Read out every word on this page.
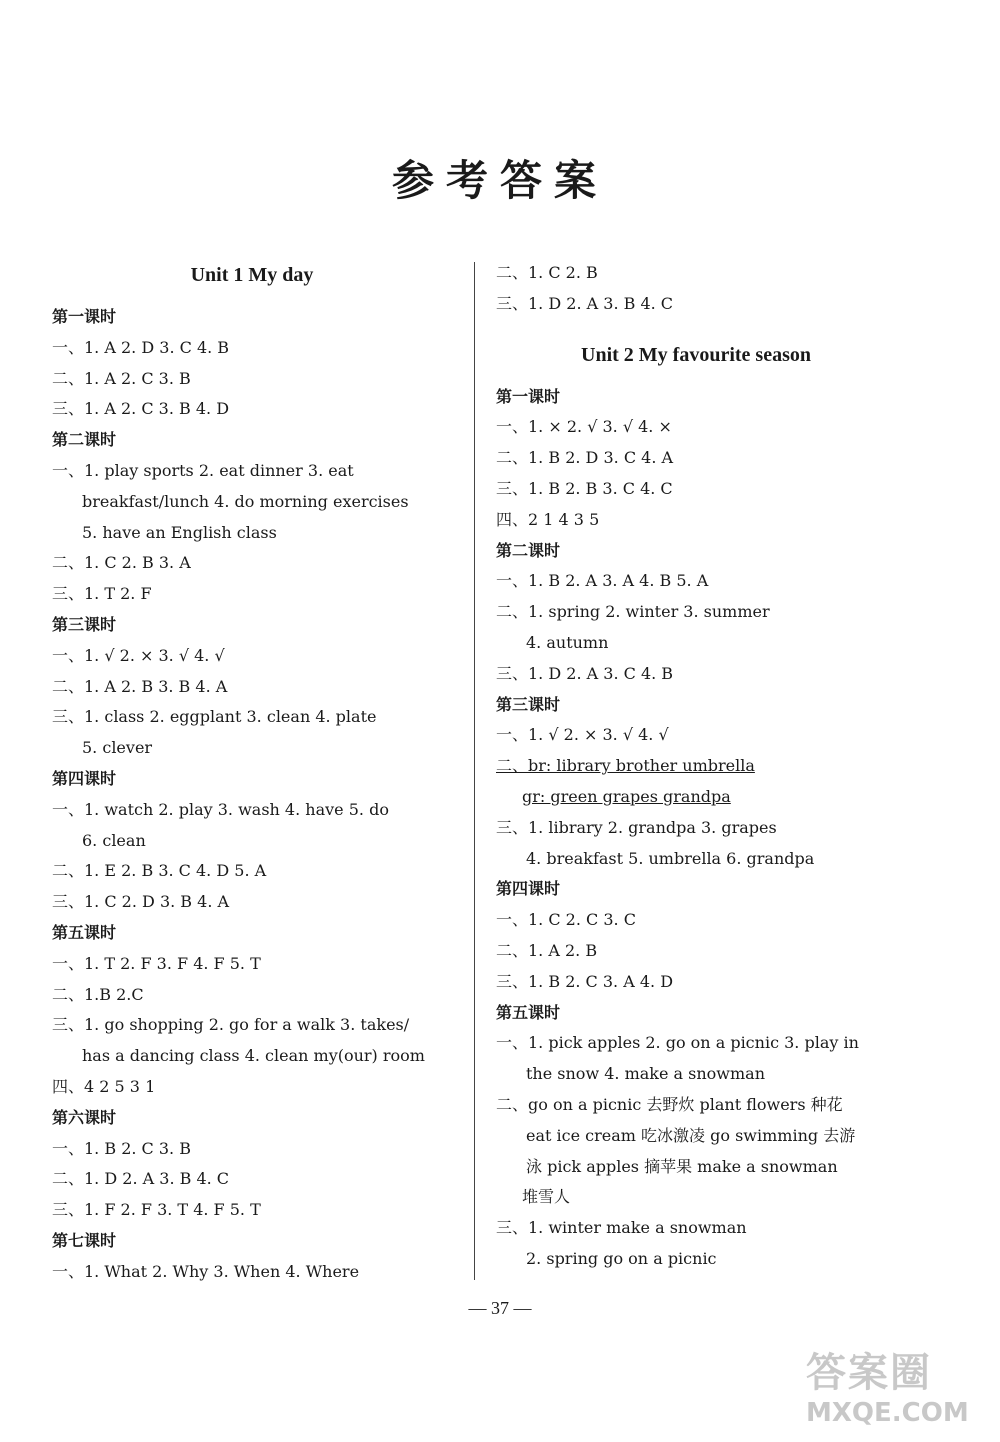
参考答案
Unit 1 My day
第一课时
一、1. A 2. D 3. C 4. B
二、1. A 2. C 3. B
三、1. A 2. C 3. B 4. D
第二课时
一、1. play sports 2. eat dinner 3. eat
breakfast/lunch 4. do morning exercises
5. have an English class
二、1. C 2. B 3. A
三、1. T 2. F
第三课时
一、1. √ 2. × 3. √ 4. √
二、1. A 2. B 3. B 4. A
三、1. class 2. eggplant 3. clean 4. plate
5. clever
第四课时
一、1. watch 2. play 3. wash 4. have 5. do
6. clean
二、1. E 2. B 3. C 4. D 5. A
三、1. C 2. D 3. B 4. A
第五课时
一、1. T 2. F 3. F 4. F 5. T
二、1.B 2.C
三、1. go shopping 2. go for a walk 3. takes/
has a dancing class 4. clean my(our) room
四、4 2 5 3 1
第六课时
一、1. B 2. C 3. B
二、1. D 2. A 3. B 4. C
三、1. F 2. F 3. T 4. F 5. T
第七课时
一、1. What 2. Why 3. When 4. Where
二、1. C 2. B
三、1. D 2. A 3. B 4. C
Unit 2 My favourite season
第一课时
一、1. × 2. √ 3. √ 4. ×
二、1. B 2. D 3. C 4. A
三、1. B 2. B 3. C 4. C
四、2 1 4 3 5
第二课时
一、1. B 2. A 3. A 4. B 5. A
二、1. spring 2. winter 3. summer
4. autumn
三、1. D 2. A 3. C 4. B
第三课时
一、1. √ 2. × 3. √ 4. √
二、br: library brother umbrella
gr: green grapes grandpa
三、1. library 2. grandpa 3. grapes
4. breakfast 5. umbrella 6. grandpa
第四课时
一、1. C 2. C 3. C
二、1. A 2. B
三、1. B 2. C 3. A 4. D
第五课时
一、1. pick apples 2. go on a picnic 3. play in
the snow 4. make a snowman
二、go on a picnic 去野炊 plant flowers 种花
eat ice cream 吃冰激凌 go swimming 去游
泳 pick apples 摘苹果 make a snowman
堆雪人
三、1. winter make a snowman
2. spring go on a picnic
— 37 —
答案圈
MXQE.COM
